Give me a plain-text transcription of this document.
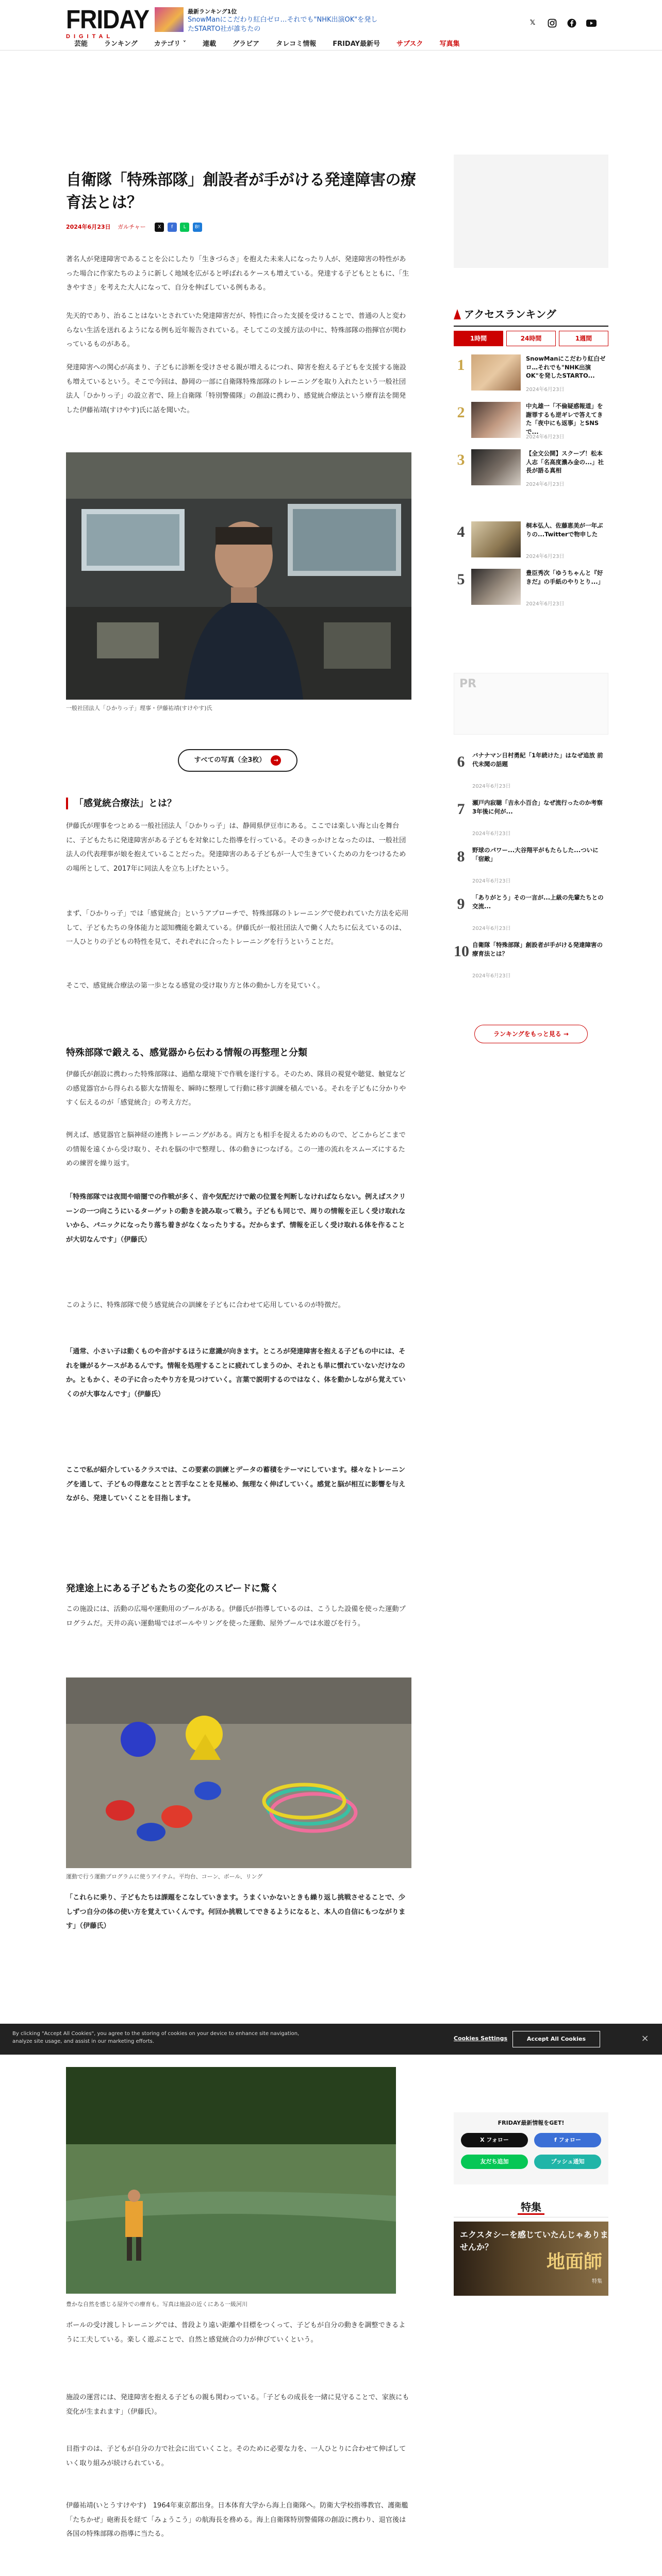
FRIDAY
DIGITAL
最新ランキング1位
SnowManにこだわり紅白ゼロ…それでも"NHK出演OK"を発したSTARTO社が誰ちたの
𝕏
芸能	ランキング	カテゴリ ˅	連載	グラビア	タレコミ情報	FRIDAY最新号	サブスク	写真集
自衛隊「特殊部隊」創設者が手がける発達障害の療育法とは？
2024年6月23日 ガルチャー	X f L B!

著名人が発達障害であることを公にしたり「生きづらさ」を抱えた未来人になったり人が、発達障害の特性があった場合に作家たちのように新しく地域を広がると呼ばれるケースも増えている。発達する子どもとともに、「生きやすさ」を考えた大人になって、自分を伸ばしている例もある。

先天的であり、治ることはないとされていた発達障害だが、特性に合った支援を受けることで、普通の人と変わらない生活を送れるようになる例も近年報告されている。そしてこの支援方法の中に、特殊部隊の指揮官が関わっているものがある。

発達障害への関心が高まり、子どもに診断を受けさせる親が増えるにつれ、障害を抱える子どもを支援する施設も増えているという。そこで今回は、静岡の一部に自衛隊特殊部隊のトレーニングを取り入れたという一般社団法人「ひかりっ子」の設立者で、陸上自衛隊「特別警備隊」の創設に携わり、感覚統合療法という療育法を開発した伊藤祐靖(すけやす)氏に話を聞いた。

一般社団法人「ひかりっ子」理事・伊藤祐靖(すけやす)氏
すべての写真（全3枚）	→
「感覚統合療法」とは？

伊藤氏が理事をつとめる一般社団法人「ひかりっ子」は、静岡県伊豆市にある。ここでは楽しい海と山を舞台に、子どもたちに発達障害がある子どもを対象にした指導を行っている。そのきっかけとなったのは、一般社団法人の代表理事が娘を抱えていることだった。発達障害のある子どもが一人で生きていくための力をつけるための場所として、2017年に同法人を立ち上げたという。

まず、「ひかりっ子」では「感覚統合」というアプローチで、特殊部隊のトレーニングで使われていた方法を応用して、子どもたちの身体能力と認知機能を鍛えている。伊藤氏が一般社団法人で働く人たちに伝えているのは、一人ひとりの子どもの特性を見て、それぞれに合ったトレーニングを行うということだ。

そこで、感覚統合療法の第一歩となる感覚の受け取り方と体の動かし方を見ていく。

特殊部隊で鍛える、感覚器から伝わる情報の再整理と分類

伊藤氏が創設に携わった特殊部隊は、過酷な環境下で作戦を遂行する。そのため、隊員の視覚や聴覚、触覚などの感覚器官から得られる膨大な情報を、瞬時に整理して行動に移す訓練を積んでいる。それを子どもに分かりやすく伝えるのが「感覚統合」の考え方だ。

例えば、感覚器官と脳神経の連携トレーニングがある。両方とも相手を捉えるためのもので、どこからどこまでの情報を遠くから受け取り、それを脳の中で整理し、体の動きにつなげる。この一連の流れをスムーズにするための練習を繰り返す。

「特殊部隊では夜間や暗闇での作戦が多く、音や気配だけで敵の位置を判断しなければならない。例えばスクリーンの一つ向こうにいるターゲットの動きを読み取って戦う。子どもも同じで、周りの情報を正しく受け取れないから、パニックになったり落ち着きがなくなったりする。だからまず、情報を正しく受け取れる体を作ることが大切なんです」（伊藤氏）

このように、特殊部隊で使う感覚統合の訓練を子どもに合わせて応用しているのが特徴だ。

「通常、小さい子は動くものや音がするほうに意識が向きます。ところが発達障害を抱える子どもの中には、それを嫌がるケースがあるんです。情報を処理することに疲れてしまうのか、それとも単に慣れていないだけなのか。ともかく、その子に合ったやり方を見つけていく。言葉で説明するのではなく、体を動かしながら覚えていくのが大事なんです」（伊藤氏）

ここで私が紹介しているクラスでは、この要素の訓練とデータの蓄積をテーマにしています。様々なトレーニングを通して、子どもの得意なことと苦手なことを見極め、無理なく伸ばしていく。感覚と脳が相互に影響を与えながら、発達していくことを目指します。

発達途上にある子どもたちの変化のスピードに驚く

この施設には、活動の広場や運動用のプールがある。伊藤氏が指導しているのは、こうした設備を使った運動プログラムだ。天井の高い運動場ではボールやリングを使った運動、屋外プールでは水遊びを行う。

運動で行う運動プログラムに使うアイテム。平均台、コーン、ボール、リング

「これらに乗り、子どもたちは課題をこなしていきます。うまくいかないときも繰り返し挑戦させることで、少しずつ自分の体の使い方を覚えていくんです。何回か挑戦してできるようになると、本人の自信にもつながります」（伊藤氏）

豊かな自然を感じる屋外での療育も。写真は施設の近くにある一級河川

ボールの受け渡しトレーニングでは、普段より遠い距離や目標をつくって、子どもが自分の動きを調整できるように工夫している。楽しく遊ぶことで、自然と感覚統合の力が伸びていくという。

施設の運営には、発達障害を抱える子どもの親も関わっている。「子どもの成長を一緒に見守ることで、家族にも変化が生まれます」（伊藤氏）。

目指すのは、子どもが自分の力で社会に出ていくこと。そのために必要な力を、一人ひとりに合わせて伸ばしていく取り組みが続けられている。

伊藤祐靖(いとうすけやす)　1964年東京都出身。日本体育大学から海上自衛隊へ。防衛大学校指導教官、護衛艦「たちかぜ」砲術長を経て「みょうこう」の航海長を務める。海上自衛隊特別警備隊の創設に携わり、退官後は各国の特殊部隊の指導に当たる。

アクセスランキング
1時間	24時間	1週間
1	SnowManにこだわり紅白ゼロ…それでも"NHK出演OK"を発したSTARTO...
2024年6月23日
2	中丸雄一「不倫疑惑報道」を謝罪するも逆ギレで答えてきた「夜中にも返事」とSNSで...
2024年6月23日
3	【全文公開】スクープ！松本人志「名高度濃み金の...」社長が語る真相
2024年6月23日
4	桐本弘人、佐藤恵美が一年ぶりの...Twitterで物申した
2024年6月23日
5	豊臣秀次「ゆうちゃんと『好きだ』の手紙のやりとり...」
2024年6月23日
PR
6	バナナマン日村勇紀「1年続けた」はなぜ追放 前代未聞の話題
2024年6月23日
7	瀬戸内寂聴「吉永小百合」なぜ流行ったのか考察 3年後に何が...
2024年6月23日
8	野球のパワー...大谷翔平がもたらした...ついに「宿敵」
2024年6月23日
9	「ありがとう」その一言が...上級の先輩たちとの交流...
2024年6月23日
10 自衛隊「特殊部隊」創設者が手がける発達障害の療育法とは？
2024年6月23日
ランキングをもっと見る →
FRIDAY最新情報をGET!
X フォロー	f フォロー
友だち追加	プッシュ通知
特集
エクスタシーを感じていたんじゃありませんか？
地面師
特集
By clicking "Accept All Cookies", you agree to the storing of cookies on your device to enhance site navigation, analyze site usage, and assist in our marketing efforts.	Cookies Settings	Accept All Cookies	×
